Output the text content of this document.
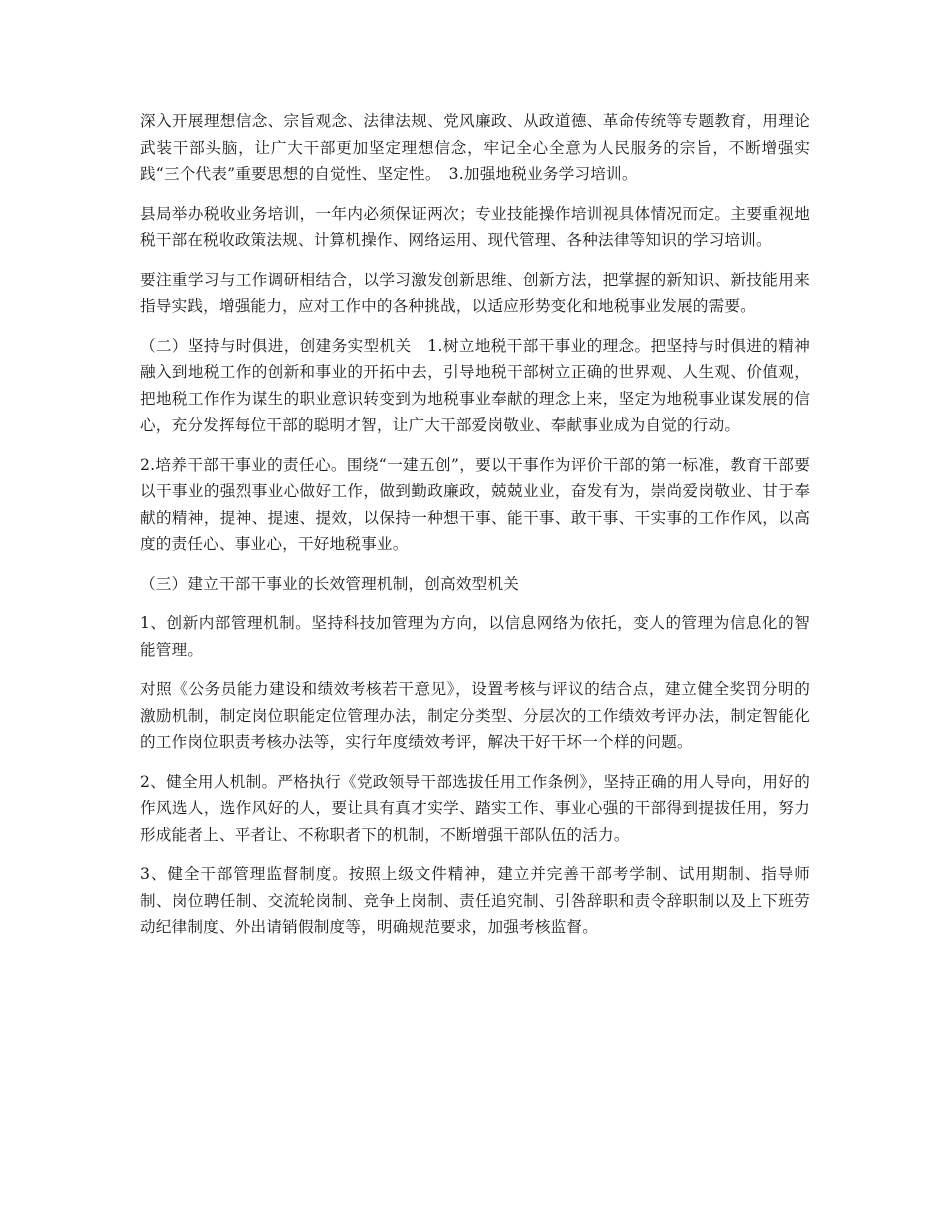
深入开展理想信念、宗旨观念、法律法规、党风廉政、从政道德、革命传统等专题教育，用理论武装干部头脑，让广大干部更加坚定理想信念，牢记全心全意为人民服务的宗旨，不断增强实践“三个代表”重要思想的自觉性、坚定性。　3.加强地税业务学习培训。

县局举办税收业务培训，一年内必须保证两次；专业技能操作培训视具体情况而定。主要重视地税干部在税收政策法规、计算机操作、网络运用、现代管理、各种法律等知识的学习培训。

要注重学习与工作调研相结合，以学习激发创新思维、创新方法，把掌握的新知识、新技能用来指导实践，增强能力，应对工作中的各种挑战，以适应形势变化和地税事业发展的需要。

（二）坚持与时俱进，创建务实型机关　1.树立地税干部干事业的理念。把坚持与时俱进的精神融入到地税工作的创新和事业的开拓中去，引导地税干部树立正确的世界观、人生观、价值观，把地税工作作为谋生的职业意识转变到为地税事业奉献的理念上来，坚定为地税事业谋发展的信心，充分发挥每位干部的聪明才智，让广大干部爱岗敬业、奉献事业成为自觉的行动。

2.培养干部干事业的责任心。围绕“一建五创”，要以干事作为评价干部的第一标准，教育干部要以干事业的强烈事业心做好工作，做到勤政廉政，兢兢业业，奋发有为，崇尚爱岗敬业、甘于奉献的精神，提神、提速、提效，以保持一种想干事、能干事、敢干事、干实事的工作作风，以高度的责任心、事业心，干好地税事业。

（三）建立干部干事业的长效管理机制，创高效型机关

1、创新内部管理机制。坚持科技加管理为方向，以信息网络为依托，变人的管理为信息化的智能管理。

对照《公务员能力建设和绩效考核若干意见》，设置考核与评议的结合点，建立健全奖罚分明的激励机制，制定岗位职能定位管理办法，制定分类型、分层次的工作绩效考评办法，制定智能化的工作岗位职责考核办法等，实行年度绩效考评，解决干好干坏一个样的问题。

2、健全用人机制。严格执行《党政领导干部选拔任用工作条例》，坚持正确的用人导向，用好的作风选人，选作风好的人，要让具有真才实学、踏实工作、事业心强的干部得到提拔任用，努力形成能者上、平者让、不称职者下的机制，不断增强干部队伍的活力。

3、健全干部管理监督制度。按照上级文件精神，建立并完善干部考学制、试用期制、指导师制、岗位聘任制、交流轮岗制、竞争上岗制、责任追究制、引咎辞职和责令辞职制以及上下班劳动纪律制度、外出请销假制度等，明确规范要求，加强考核监督。
